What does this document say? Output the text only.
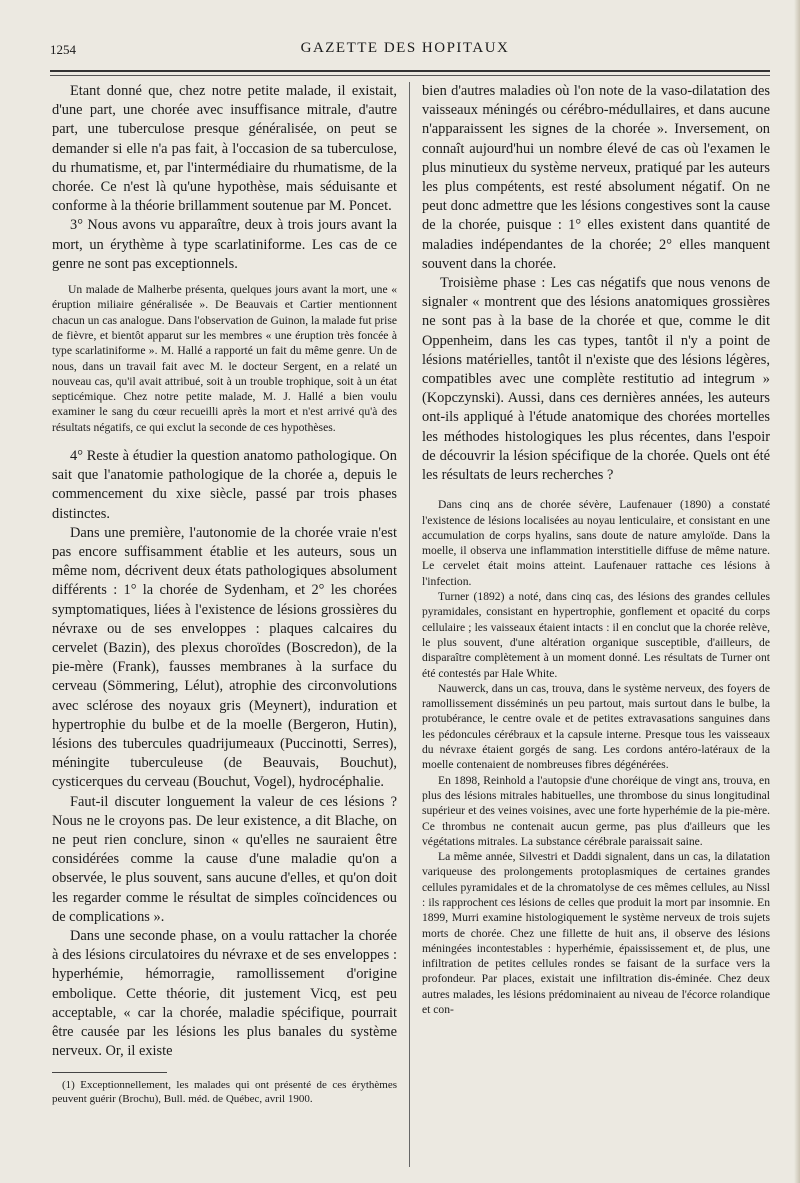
1254	GAZETTE DES HOPITAUX

Etant donné que, chez notre petite malade, il existait, d'une part, une chorée avec insuffisance mitrale, d'autre part, une tuberculose presque généralisée, on peut se demander si elle n'a pas fait, à l'occasion de sa tuberculose, du rhumatisme, et, par l'intermédiaire du rhumatisme, de la chorée. Ce n'est là qu'une hypothèse, mais séduisante et conforme à la théorie brillamment soutenue par M. Poncet.

3° Nous avons vu apparaître, deux à trois jours avant la mort, un érythème à type scarlatiniforme. Les cas de ce genre ne sont pas exceptionnels.

Un malade de Malherbe présenta, quelques jours avant la mort, une « éruption miliaire généralisée ». De Beauvais et Cartier mentionnent chacun un cas analogue. Dans l'observation de Guinon, la malade fut prise de fièvre, et bientôt apparut sur les membres « une éruption très foncée à type scarlatiniforme ». M. Hallé a rapporté un fait du même genre. Un de nous, dans un travail fait avec M. le docteur Sergent, en a relaté un nouveau cas, qu'il avait attribué, soit à un trouble trophique, soit à un état septicémique. Chez notre petite malade, M. J. Hallé a bien voulu examiner le sang du cœur recueilli après la mort et n'est arrivé qu'à des résultats négatifs, ce qui exclut la seconde de ces hypothèses.

4° Reste à étudier la question anatomo pathologique. On sait que l'anatomie pathologique de la chorée a, depuis le commencement du xixe siècle, passé par trois phases distinctes.

Dans une première, l'autonomie de la chorée vraie n'est pas encore suffisamment établie et les auteurs, sous un même nom, décrivent deux états pathologiques absolument différents : 1° la chorée de Sydenham, et 2° les chorées symptomatiques, liées à l'existence de lésions grossières du névraxe ou de ses enveloppes : plaques calcaires du cervelet (Bazin), des plexus choroïdes (Boscredon), de la pie-mère (Frank), fausses membranes à la surface du cerveau (Sömmering, Lélut), atrophie des circonvolutions avec sclérose des noyaux gris (Meynert), induration et hypertrophie du bulbe et de la moelle (Bergeron, Hutin), lésions des tubercules quadrijumeaux (Puccinotti, Serres), méningite tuberculeuse (de Beauvais, Bouchut), cysticerques du cerveau (Bouchut, Vogel), hydrocéphalie.

Faut-il discuter longuement la valeur de ces lésions ? Nous ne le croyons pas. De leur existence, a dit Blache, on ne peut rien conclure, sinon « qu'elles ne sauraient être considérées comme la cause d'une maladie qu'on a observée, le plus souvent, sans aucune d'elles, et qu'on doit les regarder comme le résultat de simples coïncidences ou de complications ».

Dans une seconde phase, on a voulu rattacher la chorée à des lésions circulatoires du névraxe et de ses enveloppes : hyperhémie, hémorragie, ramollissement d'origine embolique. Cette théorie, dit justement Vicq, est peu acceptable, « car la chorée, maladie spécifique, pourrait être causée par les lésions les plus banales du système nerveux. Or, il existe

(1) Exceptionnellement, les malades qui ont présenté de ces érythèmes peuvent guérir (Brochu), Bull. méd. de Québec, avril 1900.

bien d'autres maladies où l'on note de la vaso-dilatation des vaisseaux méningés ou cérébro-médullaires, et dans aucune n'apparaissent les signes de la chorée ». Inversement, on connaît aujourd'hui un nombre élevé de cas où l'examen le plus minutieux du système nerveux, pratiqué par les auteurs les plus compétents, est resté absolument négatif. On ne peut donc admettre que les lésions congestives sont la cause de la chorée, puisque : 1° elles existent dans quantité de maladies indépendantes de la chorée; 2° elles manquent souvent dans la chorée.

Troisième phase : Les cas négatifs que nous venons de signaler « montrent que des lésions anatomiques grossières ne sont pas à la base de la chorée et que, comme le dit Oppenheim, dans les cas types, tantôt il n'y a point de lésions matérielles, tantôt il n'existe que des lésions légères, compatibles avec une complète restitutio ad integrum » (Kopczynski). Aussi, dans ces dernières années, les auteurs ont-ils appliqué à l'étude anatomique des chorées mortelles les méthodes histologiques les plus récentes, dans l'espoir de découvrir la lésion spécifique de la chorée. Quels ont été les résultats de leurs recherches ?

Dans cinq ans de chorée sévère, Laufenauer (1890) a constaté l'existence de lésions localisées au noyau lenticulaire, et consistant en une accumulation de corps hyalins, sans doute de nature amyloïde. Dans la moelle, il observa une inflammation interstitielle diffuse de même nature. Le cervelet était moins atteint. Laufenauer rattache ces lésions à l'infection.

Turner (1892) a noté, dans cinq cas, des lésions des grandes cellules pyramidales, consistant en hypertrophie, gonflement et opacité du corps cellulaire ; les vaisseaux étaient intacts : il en conclut que la chorée relève, le plus souvent, d'une altération organique susceptible, d'ailleurs, de disparaître complètement à un moment donné. Les résultats de Turner ont été contestés par Hale White.

Nauwerck, dans un cas, trouva, dans le système nerveux, des foyers de ramollissement disséminés un peu partout, mais surtout dans le bulbe, la protubérance, le centre ovale et de petites extravasations sanguines dans les pédoncules cérébraux et la capsule interne. Presque tous les vaisseaux du névraxe étaient gorgés de sang. Les cordons antéro-latéraux de la moelle contenaient de nombreuses fibres dégénérées.

En 1898, Reinhold a l'autopsie d'une choréique de vingt ans, trouva, en plus des lésions mitrales habituelles, une thrombose du sinus longitudinal supérieur et des veines voisines, avec une forte hyperhémie de la pie-mère. Ce thrombus ne contenait aucun germe, pas plus d'ailleurs que les végétations mitrales. La substance cérébrale paraissait saine.

La même année, Silvestri et Daddi signalent, dans un cas, la dilatation variqueuse des prolongements protoplasmiques de certaines grandes cellules pyramidales et de la chromatolyse de ces mêmes cellules, au Nissl : ils rapprochent ces lésions de celles que produit la mort par insomnie. En 1899, Murri examine histologiquement le système nerveux de trois sujets morts de chorée. Chez une fillette de huit ans, il observe des lésions méningées incontestables : hyperhémie, épaississement et, de plus, une infiltration de petites cellules rondes se faisant de la surface vers la profondeur. Par places, existait une infiltration dis-éminée. Chez deux autres malades, les lésions prédominaient au niveau de l'écorce rolandique et con-
